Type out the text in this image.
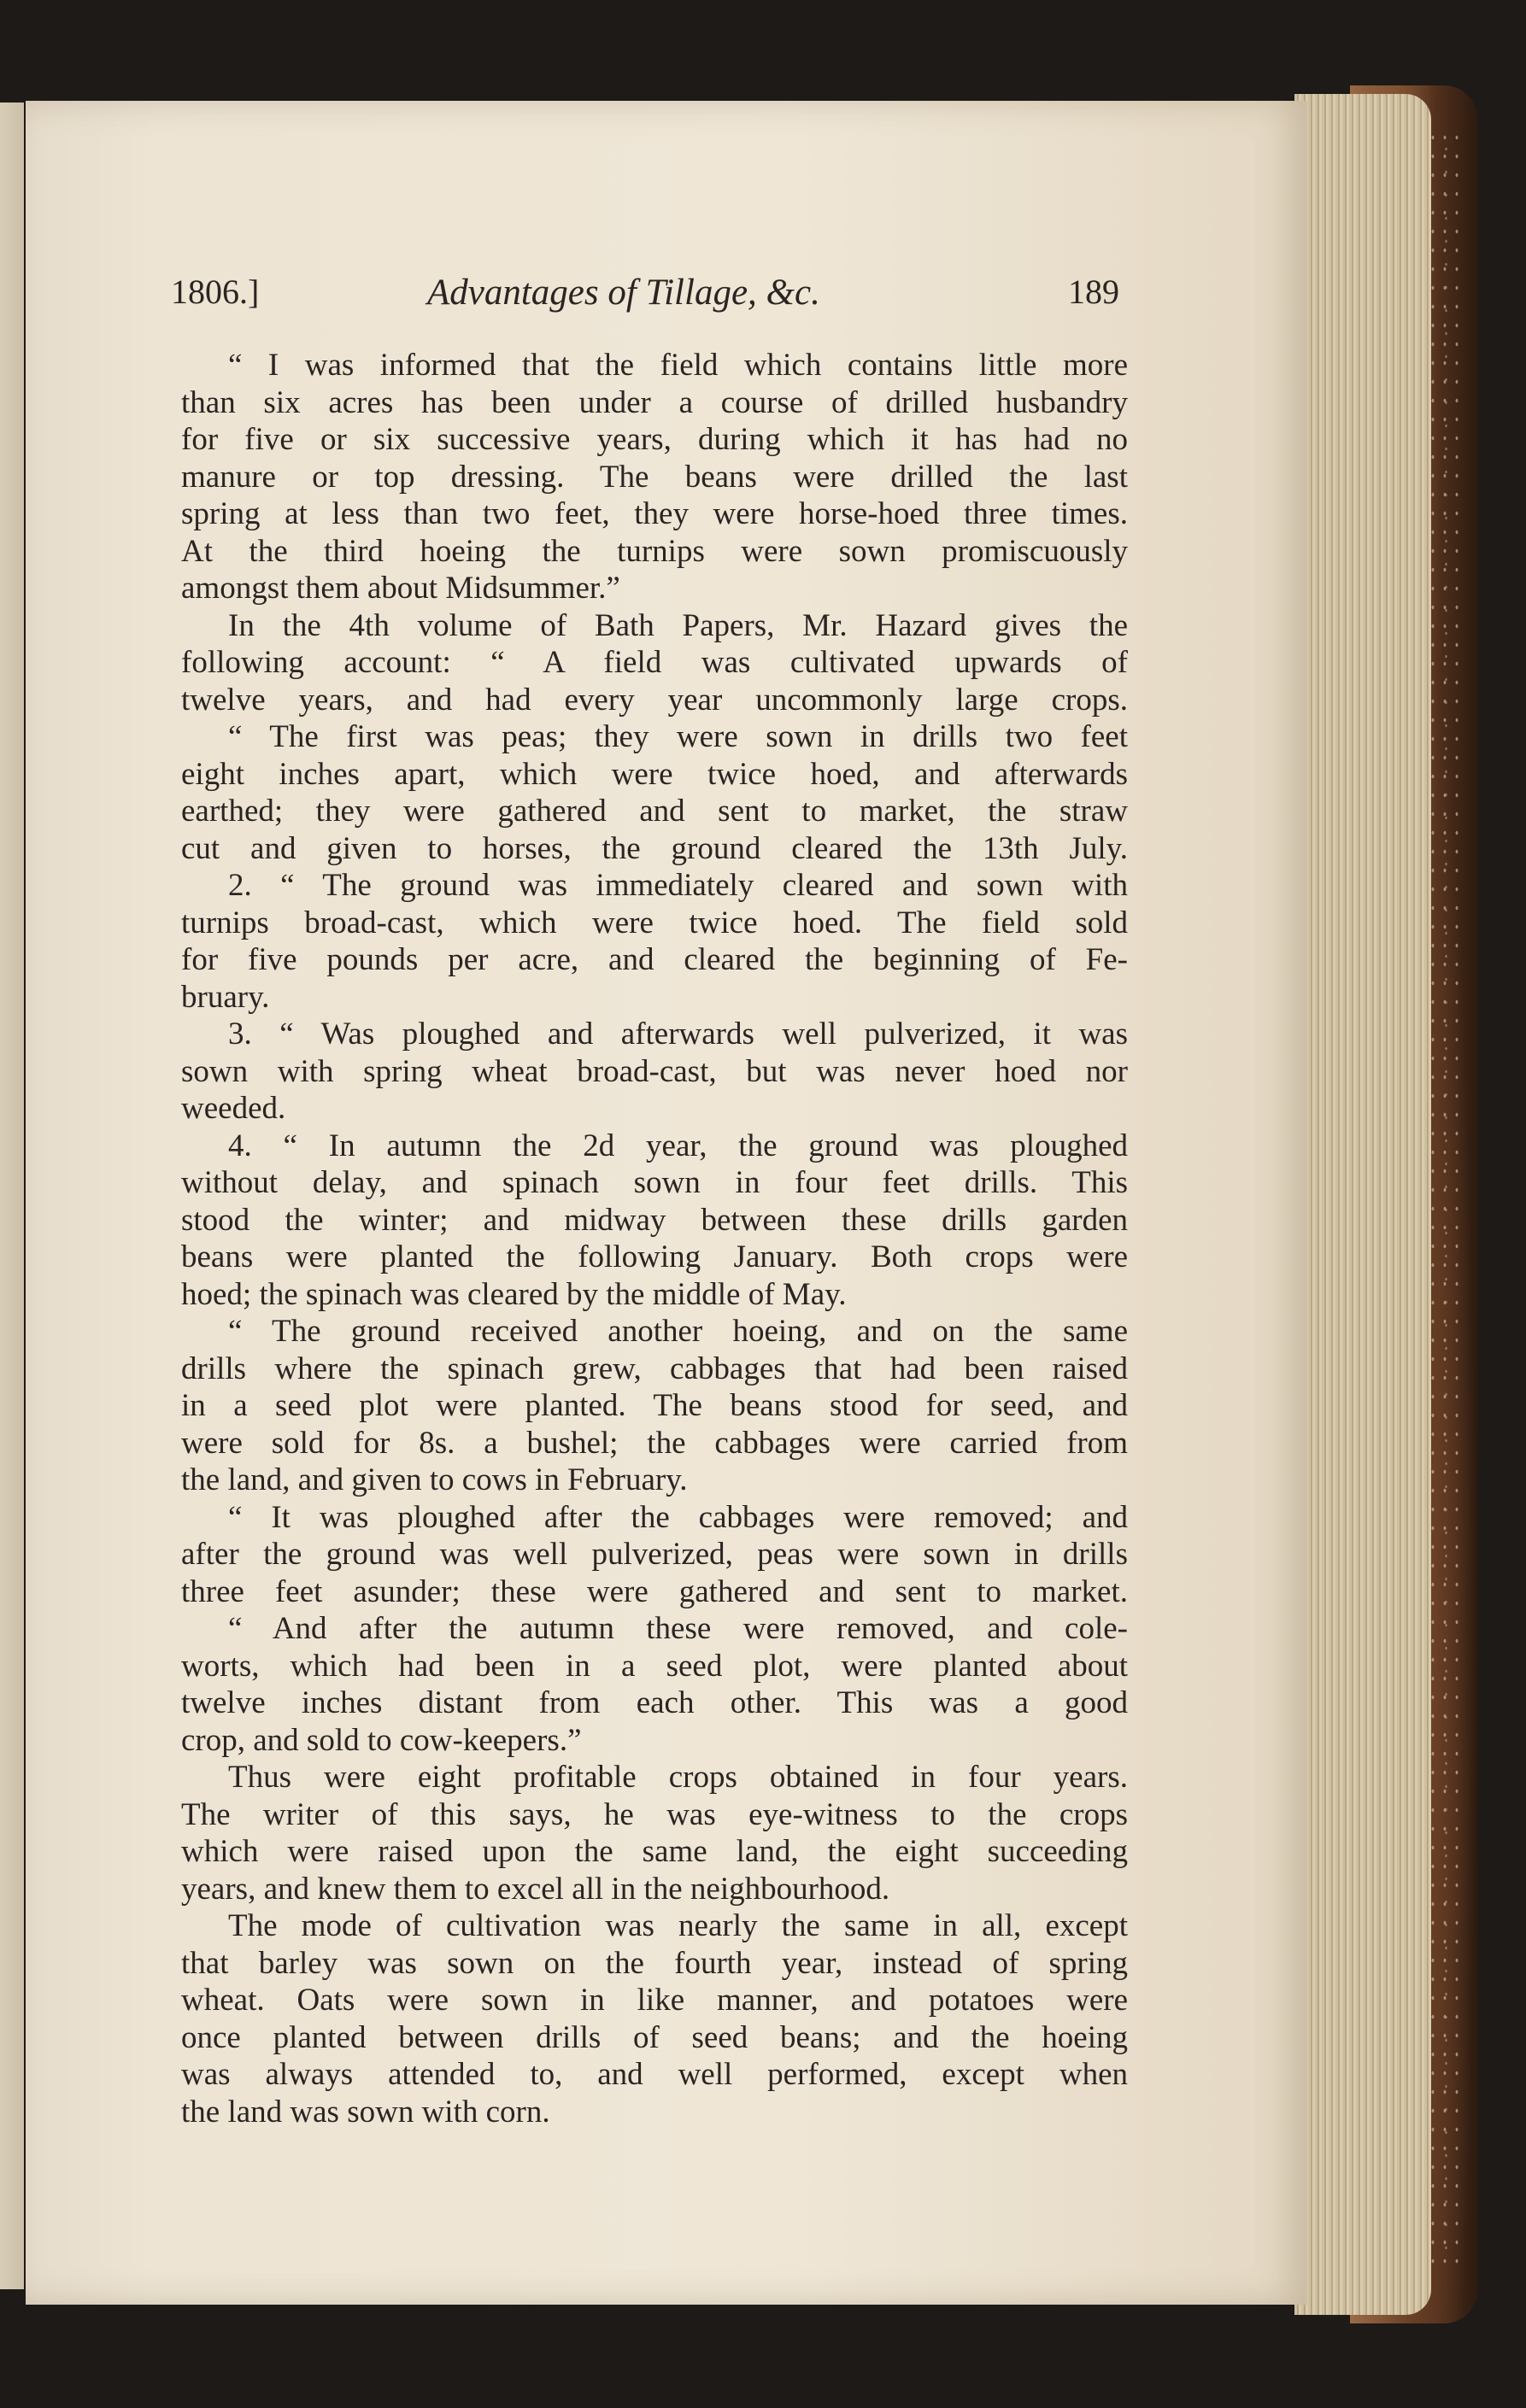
1806.]	Advantages of Tillage, &c.	189
“ I was informed that the field which contains little more
than six acres has been under a course of drilled husbandry
for five or six successive years, during which it has had no
manure or top dressing. The beans were drilled the last
spring at less than two feet, they were horse-hoed three times.
At the third hoeing the turnips were sown promiscuously
amongst them about Midsummer.”
In the 4th volume of Bath Papers, Mr. Hazard gives the
following account: “ A field was cultivated upwards of
twelve years, and had every year uncommonly large crops.
“ The first was peas; they were sown in drills two feet
eight inches apart, which were twice hoed, and afterwards
earthed; they were gathered and sent to market, the straw
cut and given to horses, the ground cleared the 13th July.
2. “ The ground was immediately cleared and sown with
turnips broad-cast, which were twice hoed. The field sold
for five pounds per acre, and cleared the beginning of Fe-
bruary.
3. “ Was ploughed and afterwards well pulverized, it was
sown with spring wheat broad-cast, but was never hoed nor
weeded.
4. “ In autumn the 2d year, the ground was ploughed
without delay, and spinach sown in four feet drills. This
stood the winter; and midway between these drills garden
beans were planted the following January. Both crops were
hoed; the spinach was cleared by the middle of May.
“ The ground received another hoeing, and on the same
drills where the spinach grew, cabbages that had been raised
in a seed plot were planted. The beans stood for seed, and
were sold for 8s. a bushel; the cabbages were carried from
the land, and given to cows in February.
“ It was ploughed after the cabbages were removed; and
after the ground was well pulverized, peas were sown in drills
three feet asunder; these were gathered and sent to market.
“ And after the autumn these were removed, and cole-
worts, which had been in a seed plot, were planted about
twelve inches distant from each other. This was a good
crop, and sold to cow-keepers.”
Thus were eight profitable crops obtained in four years.
The writer of this says, he was eye-witness to the crops
which were raised upon the same land, the eight succeeding
years, and knew them to excel all in the neighbourhood.
The mode of cultivation was nearly the same in all, except
that barley was sown on the fourth year, instead of spring
wheat. Oats were sown in like manner, and potatoes were
once planted between drills of seed beans; and the hoeing
was always attended to, and well performed, except when
the land was sown with corn.
